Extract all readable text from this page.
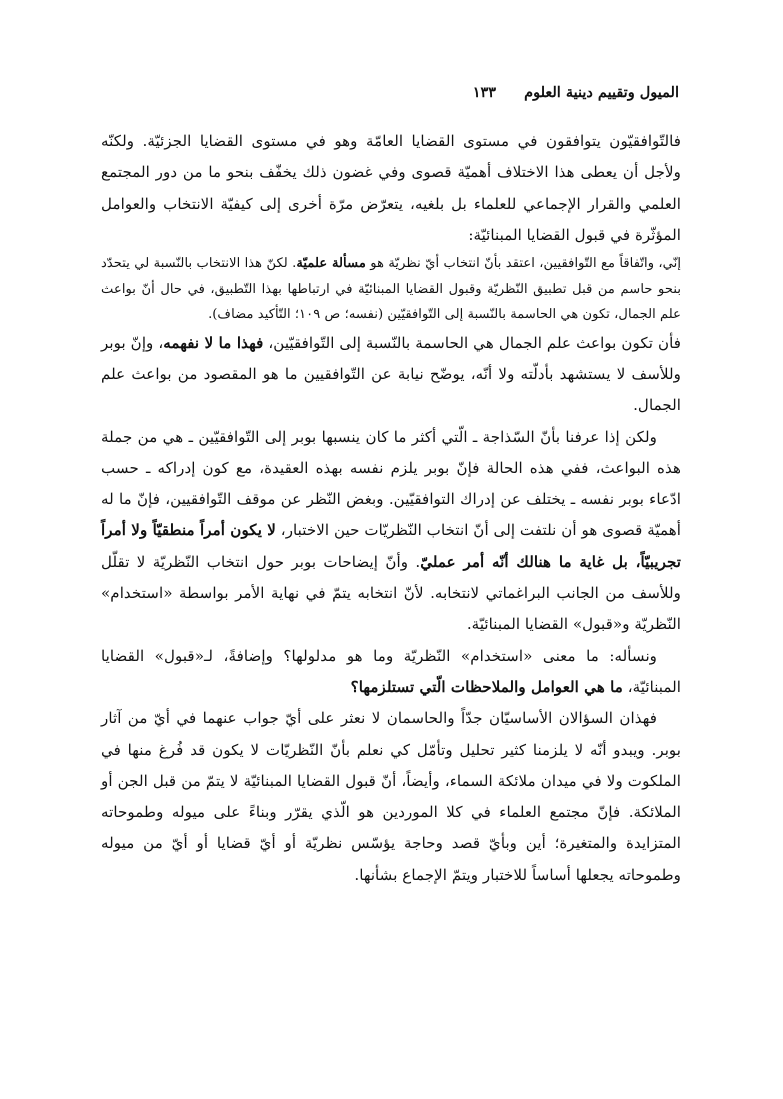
الميول وتقييم دينية العلوم
١٣٣

فالتّوافقيّون يتوافقون في مستوى القضايا العامّة وهو في مستوى القضايا الجزئيّة. ولكنّه ولأجل أن يعطى هذا الاختلاف أهميّة قصوى وفي غضون ذلك يخفّف بنحو ما من دور المجتمع العلمي والقرار الإجماعي للعلماء بل بلغيه، يتعرّض مرّة أخرى إلى كيفيّة الانتخاب والعوامل المؤثّرة في قبول القضايا المبنائيّة:

إنّي، واتّفاقاً مع التّوافقيين، اعتقد بأنّ انتخاب أيّ نظريّة هو مسألة علميّة. لكنّ هذا الانتخاب بالنّسبة لي يتحدّد بنحو حاسم من قبل تطبيق النّظريّة وقبول القضايا المبنائيّة في ارتباطها بهذا التّطبيق، في حال أنّ بواعث علم الجمال، تكون هي الحاسمة بالنّسبة إلى التّوافقيّين (نفسه؛ ص ١٠٩؛ التّأكيد مضاف).

فأن تكون بواعث علم الجمال هي الحاسمة بالنّسبة إلى التّوافقيّين، فهذا ما لا نفهمه، وإنّ بوبر وللأسف لا يستشهد بأدلّته ولا أنّه، يوضّح نيابة عن التّوافقيين ما هو المقصود من بواعث علم الجمال.

ولكن إذا عرفنا بأنّ السّذاجة ـ الّتي أكثر ما كان ينسبها بوبر إلى التّوافقيّين ـ هي من جملة هذه البواعث، ففي هذه الحالة فإنّ بوبر يلزم نفسه بهذه العقيدة، مع كون إدراكه ـ حسب ادّعاء بوبر نفسه ـ يختلف عن إدراك التوافقيّين. وبغض النّظر عن موقف التّوافقيين، فإنّ ما له أهميّة قصوى هو أن نلتفت إلى أنّ انتخاب النّظريّات حين الاختبار، لا يكون أمراً منطقيّاً ولا أمراً تجريبيّاً، بل غاية ما هنالك أنّه أمر عمليّ. وأنّ إيضاحات بوبر حول انتخاب النّظريّة لا تقلّل وللأسف من الجانب البراغماتي لانتخابه. لأنّ انتخابه يتمّ في نهاية الأمر بواسطة «استخدام» النّظريّة و«قبول» القضايا المبنائيّة.

ونسأله: ما معنى «استخدام» النّظريّة وما هو مدلولها؟ وإضافةً، لـ«قبول» القضايا المبنائيّة، ما هي العوامل والملاحظات الّتي تستلزمها؟

فهذان السؤالان الأساسيّان جدّاً والحاسمان لا نعثر على أيّ جواب عنهما في أيّ من آثار بوبر. ويبدو أنّه لا يلزمنا كثير تحليل وتأمّل كي نعلم بأنّ النّظريّات لا يكون قد فُرغ منها في الملكوت ولا في ميدان ملائكة السماء، وأيضاً، أنّ قبول القضايا المبنائيّة لا يتمّ من قبل الجن أو الملائكة. فإنّ مجتمع العلماء في كلا الموردين هو الّذي يقرّر وبناءً على ميوله وطموحاته المتزايدة والمتغيرة؛ أين وبأيّ قصد وحاجة يؤسّس نظريّة أو أيّ قضايا أو أيّ من ميوله وطموحاته يجعلها أساساً للاختبار ويتمّ الإجماع بشأنها.
